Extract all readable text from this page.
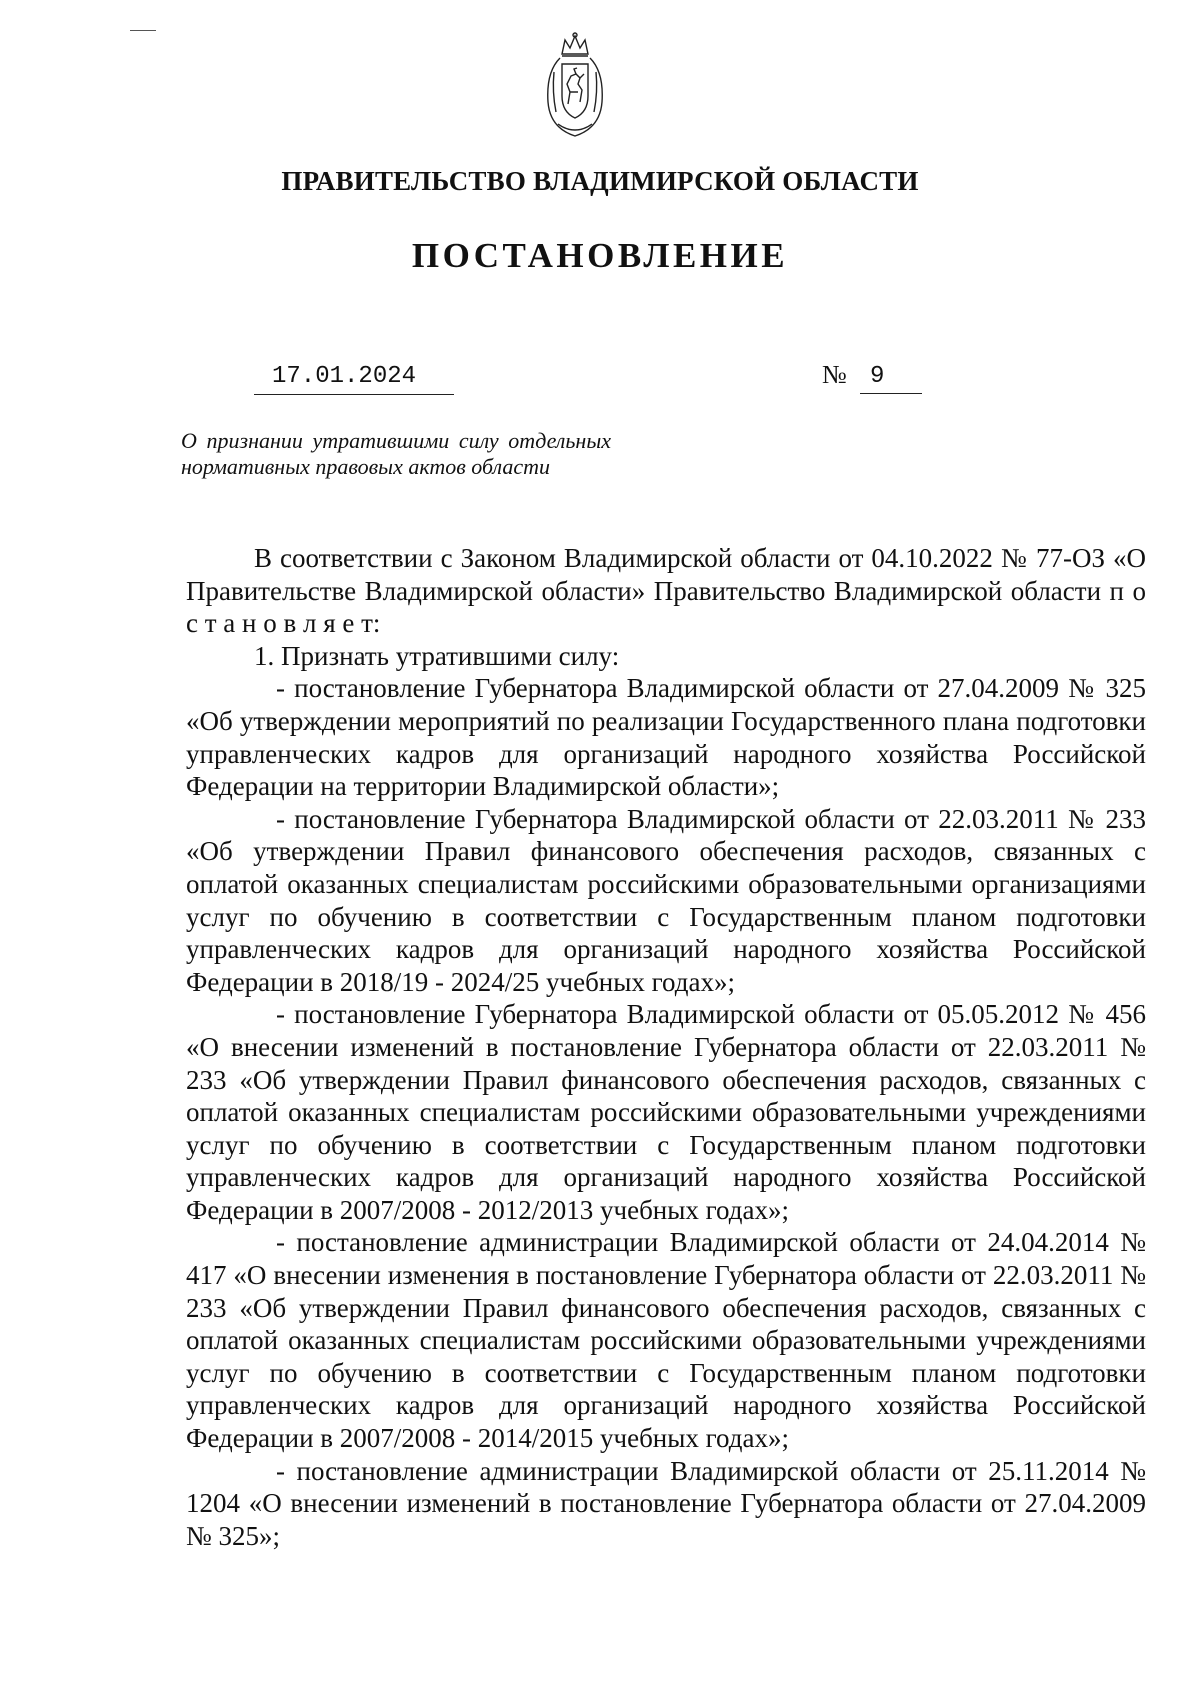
ПРАВИТЕЛЬСТВО ВЛАДИМИРСКОЙ ОБЛАСТИ
ПОСТАНОВЛЕНИЕ
17.01.2024	№ 9

О признании утратившими силу отдельных нормативных правовых актов области

В соответствии с Законом Владимирской области от 04.10.2022 № 77-ОЗ «О Правительстве Владимирской области» Правительство Владимирской области п о с т а н о в л я е т:

1. Признать утратившими силу:

- постановление Губернатора Владимирской области от 27.04.2009 № 325 «Об утверждении мероприятий по реализации Государственного плана подготовки управленческих кадров для организаций народного хозяйства Российской Федерации на территории Владимирской области»;

- постановление Губернатора Владимирской области от 22.03.2011 № 233 «Об утверждении Правил финансового обеспечения расходов, связанных с оплатой оказанных специалистам российскими образовательными организациями услуг по обучению в соответствии с Государственным планом подготовки управленческих кадров для организаций народного хозяйства Российской Федерации в 2018/19 - 2024/25 учебных годах»;

- постановление Губернатора Владимирской области от 05.05.2012 № 456 «О внесении изменений в постановление Губернатора области от 22.03.2011 № 233 «Об утверждении Правил финансового обеспечения расходов, связанных с оплатой оказанных специалистам российскими образовательными учреждениями услуг по обучению в соответствии с Государственным планом подготовки управленческих кадров для организаций народного хозяйства Российской Федерации в 2007/2008 - 2012/2013 учебных годах»;

- постановление администрации Владимирской области от 24.04.2014 № 417 «О внесении изменения в постановление Губернатора области от 22.03.2011 № 233 «Об утверждении Правил финансового обеспечения расходов, связанных с оплатой оказанных специалистам российскими образовательными учреждениями услуг по обучению в соответствии с Государственным планом подготовки управленческих кадров для организаций народного хозяйства Российской Федерации в 2007/2008 - 2014/2015 учебных годах»;

- постановление администрации Владимирской области от 25.11.2014 № 1204 «О внесении изменений в постановление Губернатора области от 27.04.2009 № 325»;
